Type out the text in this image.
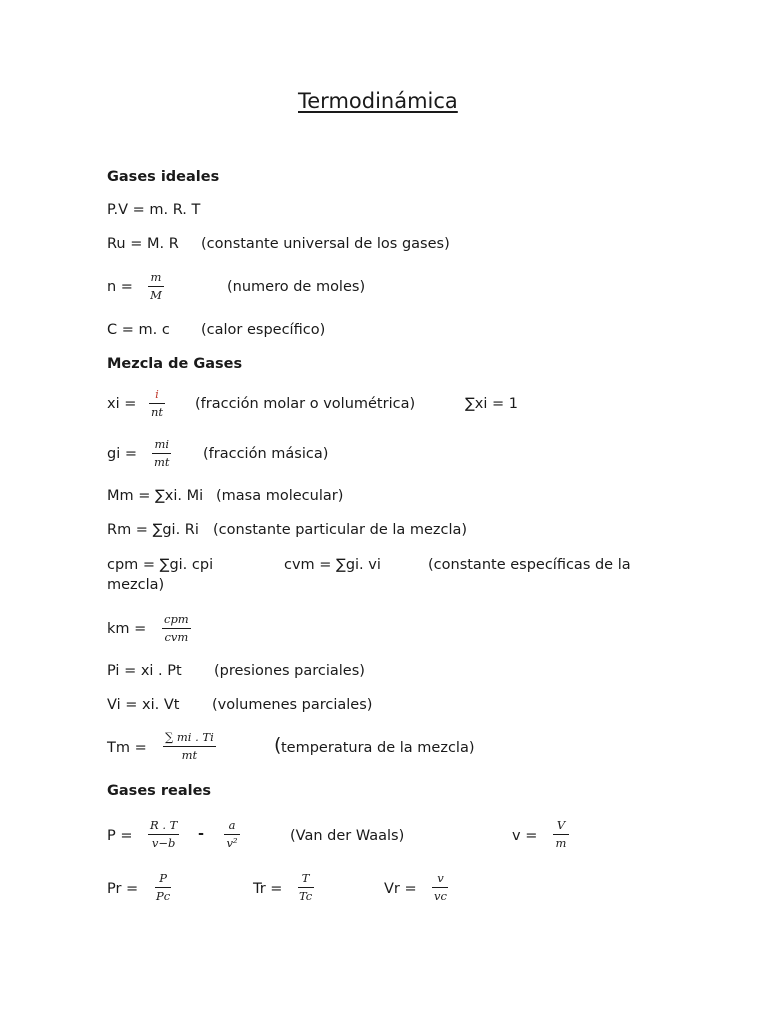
Termodinámica
Gases ideales
P.V = m. R. T
Ru = M. R (constante universal de los gases)
$n = \frac{m}{M}$	(numero de moles)
C = m. c (calor específico)
Mezcla de Gases
xi = $\frac{i}{nt}$ (fracción molar o volumétrica)	∑xi = 1
gi = $\frac{mi}{mt}$ (fracción másica)
Mm = ∑xi. Mi (masa molecular)
Rm = ∑gi. Ri (constante particular de la mezcla)
cpm = ∑gi. cpi	cvm = ∑gi. vi	(constante específicas de la
mezcla)
km =
cpm
cvm
Pi = xi . Pt (presiones parciales)
Vi = xi. Vt (volumenes parciales)
$Tm = \frac{\sum mi . Ti}{mt}$	( temperatura de la mezcla)
Gases reales
$P = \frac{R . T}{v-b} - \frac{a}{\text{v²}}$	(Van der Waals)	$v = \frac{V}{m}$
$Pr = \frac{P}{Pc}$	$Tr = \frac{T}{Tc}$	$Vr = \frac{v}{vc}$
